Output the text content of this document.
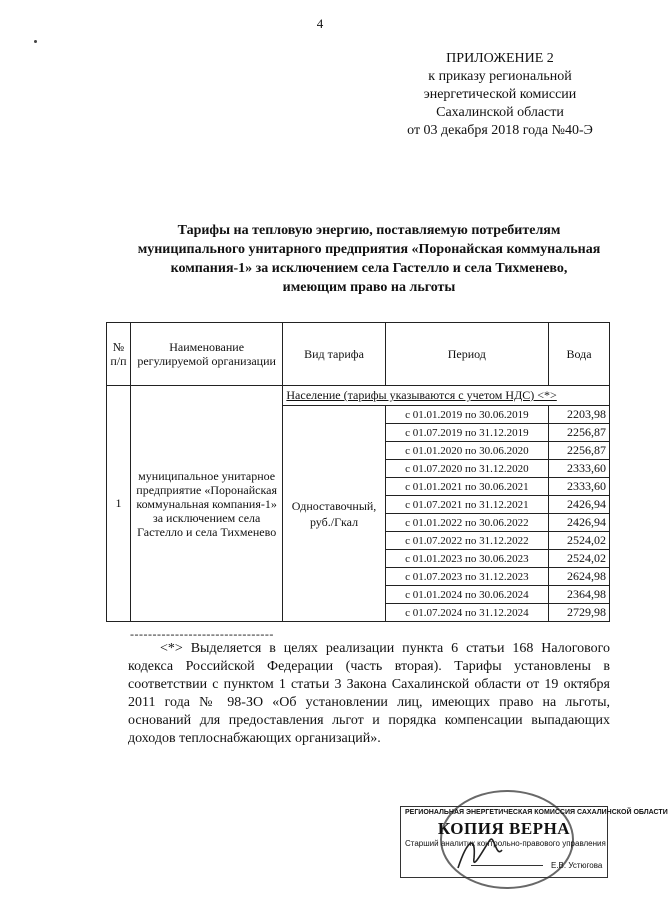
4
ПРИЛОЖЕНИЕ 2
к приказу региональной
энергетической комиссии
Сахалинской области
от 03 декабря 2018 года №40-Э
Тарифы на тепловую энергию, поставляемую потребителям
муниципального унитарного предприятия «Поронайская коммунальная
компания-1» за исключением села Гастелло и села Тихменево,
имеющим право на льготы
№ п/п	Наименование регулируемой организации	Вид тарифа	Период	Вода
1	муниципальное унитарное предприятие «Поронайская коммунальная компания-1» за исключением села Гастелло и села Тихменево	Население (тарифы указываются с учетом НДС) <*>		
		Одноставочный, руб./Гкал	с 01.01.2019 по 30.06.2019	2203,98
			с 01.07.2019 по 31.12.2019	2256,87
			с 01.01.2020 по 30.06.2020	2256,87
			с 01.07.2020 по 31.12.2020	2333,60
			с 01.01.2021 по 30.06.2021	2333,60
			с 01.07.2021 по 31.12.2021	2426,94
			с 01.01.2022 по 30.06.2022	2426,94
			с 01.07.2022 по 31.12.2022	2524,02
			с 01.01.2023 по 30.06.2023	2524,02
			с 01.07.2023 по 31.12.2023	2624,98
			с 01.01.2024 по 30.06.2024	2364,98
			с 01.07.2024 по 31.12.2024	2729,98
--------------------------------
<*> Выделяется в целях реализации пункта 6 статьи 168 Налогового кодекса Российской Федерации (часть вторая). Тарифы установлены в соответствии с пунктом 1 статьи 3 Закона Сахалинской области от 19 октября 2011 года № 98-ЗО «Об установлении лиц, имеющих право на льготы, оснований для предоставления льгот и порядка компенсации выпадающих доходов теплоснабжающих организаций».
РЕГИОНАЛЬНАЯ ЭНЕРГЕТИЧЕСКАЯ КОМИССИЯ САХАЛИНСКОЙ ОБЛАСТИ
КОПИЯ ВЕРНА
Старший аналитик контрольно-правового управления
Е.В. Устюгова
